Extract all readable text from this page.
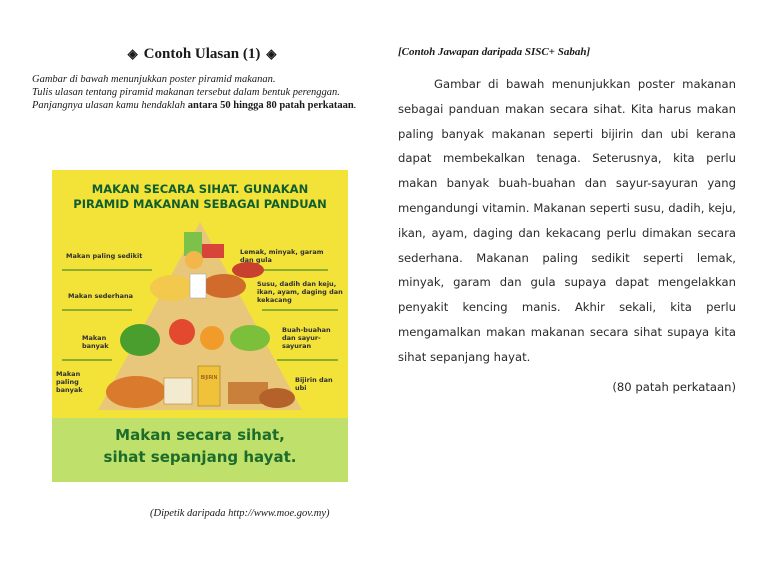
◈ Contoh Ulasan (1) ◈
Gambar di bawah menunjukkan poster piramid makanan.
Tulis ulasan tentang piramid makanan tersebut dalam bentuk perenggan.
Panjangnya ulasan kamu hendaklah antara 50 hingga 80 patah perkataan.
MAKAN SECARA SIHAT. GUNAKAN
PIRAMID MAKANAN SEBAGAI PANDUAN
BIJIRIN
Makan paling sedikit
Makan sederhana
Makan banyak
Makan paling banyak
Lemak, minyak, garam dan gula
Susu, dadih dan keju, ikan, ayam, daging dan kekacang
Buah-buahan dan sayur-sayuran
Bijirin dan ubi
Makan secara sihat,
sihat sepanjang hayat.
(Dipetik daripada http://www.moe.gov.my)
[Contoh Jawapan daripada SISC+ Sabah]

Gambar di bawah menunjukkan poster makanan sebagai panduan makan secara sihat. Kita harus makan paling banyak makanan seperti bijirin dan ubi kerana dapat membekalkan tenaga. Seterusnya, kita perlu makan banyak buah-buahan dan sayur-sayuran yang mengandungi vitamin. Makanan seperti susu, dadih, keju, ikan, ayam, daging dan kekacang perlu dimakan secara sederhana. Makanan paling sedikit seperti lemak, minyak, garam dan gula supaya dapat mengelakkan penyakit kencing manis. Akhir sekali, kita perlu mengamalkan makan makanan secara sihat supaya kita sihat sepanjang hayat.

(80 patah perkataan)
